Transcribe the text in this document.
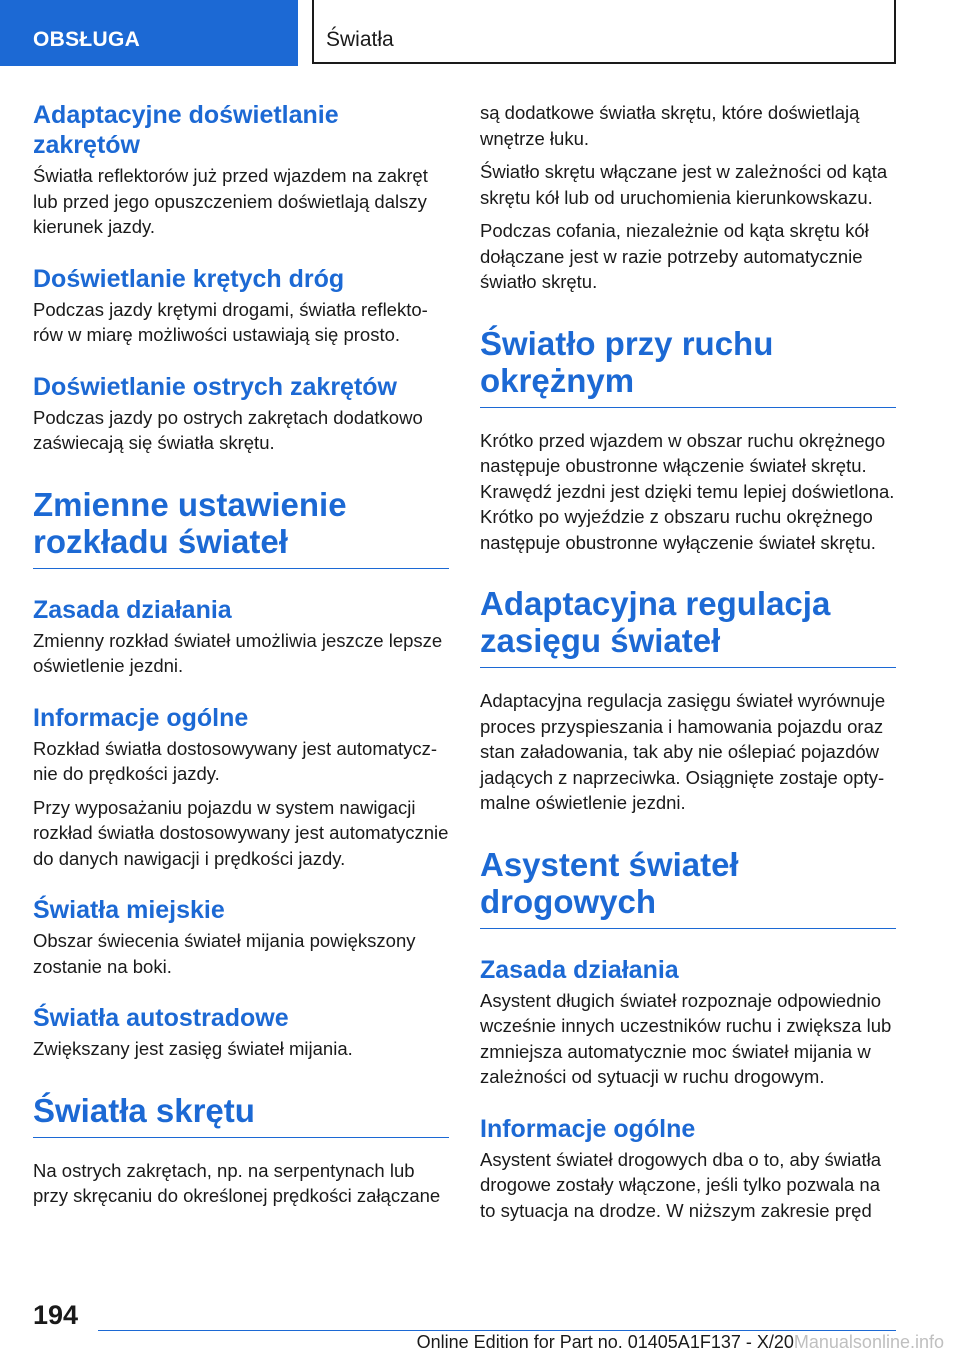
OBSŁUGA	Światła
Adaptacyjne doświetlanie zakrętów

Światła reflektorów już przed wjazdem na zakręt lub przed jego opuszczeniem doświetlają dalszy kierunek jazdy.

Doświetlanie krętych dróg

Podczas jazdy krętymi drogami, światła reflektorów w miarę możliwości ustawiają się prosto.

Doświetlanie ostrych zakrętów

Podczas jazdy po ostrych zakrętach dodatkowo zaświecają się światła skrętu.

Zmienne ustawienie rozkładu świateł
Zasada działania

Zmienny rozkład świateł umożliwia jeszcze lepsze oświetlenie jezdni.

Informacje ogólne

Rozkład światła dostosowywany jest automatycznie do prędkości jazdy.

Przy wyposażaniu pojazdu w system nawigacji rozkład światła dostosowywany jest automatycznie do danych nawigacji i prędkości jazdy.

Światła miejskie

Obszar świecenia świateł mijania powiększony zostanie na boki.

Światła autostradowe

Zwiększany jest zasięg świateł mijania.

Światła skrętu

Na ostrych zakrętach, np. na serpentynach lub przy skręcaniu do określonej prędkości załączane

są dodatkowe światła skrętu, które doświetlają wnętrze łuku.

Światło skrętu włączane jest w zależności od kąta skrętu kół lub od uruchomienia kierunkowskazu.

Podczas cofania, niezależnie od kąta skrętu kół dołączane jest w razie potrzeby automatycznie światło skrętu.

Światło przy ruchu okrężnym

Krótko przed wjazdem w obszar ruchu okrężnego następuje obustronne włączenie świateł skrętu. Krawędź jezdni jest dzięki temu lepiej doświetlona. Krótko po wyjeździe z obszaru ruchu okrężnego następuje obustronne wyłączenie świateł skrętu.

Adaptacyjna regulacja zasięgu świateł

Adaptacyjna regulacja zasięgu świateł wyrównuje proces przyspieszania i hamowania pojazdu oraz stan załadowania, tak aby nie oślepiać pojazdów jadących z naprzeciwka. Osiągnięte zostaje optymalne oświetlenie jezdni.

Asystent świateł drogowych
Zasada działania

Asystent długich świateł rozpoznaje odpowiednio wcześnie innych uczestników ruchu i zwiększa lub zmniejsza automatycznie moc świateł mijania w zależności od sytuacji w ruchu drogowym.

Informacje ogólne

Asystent świateł drogowych dba o to, aby światła drogowe zostały włączone, jeśli tylko pozwala na to sytuacja na drodze. W niższym zakresie pręd

194
Online Edition for Part no. 01405A1F137 - X/20Manualsonline.info
